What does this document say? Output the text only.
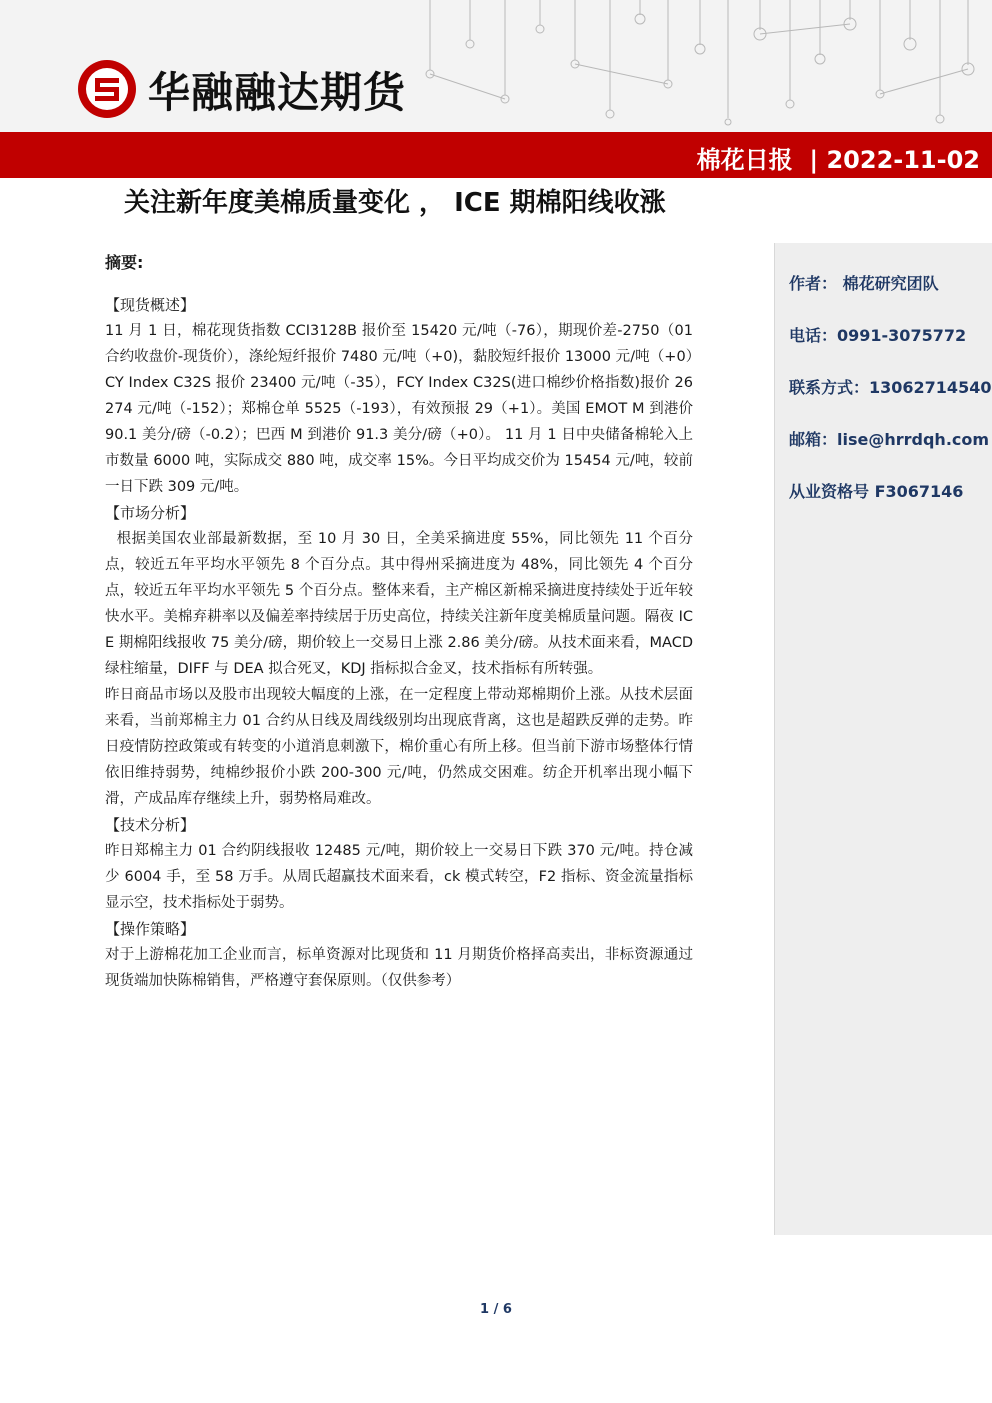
华融融达期货
棉花日报  | 2022-11-02
关注新年度美棉质量变化 ， ICE 期棉阳线收涨
作者： 棉花研究团队
电话：0991-3075772
联系方式：13062714540
邮箱：lise@hrrdqh.com
从业资格号 F3067146
摘要:

【现货概述】

11 月 1 日，棉花现货指数 CCI3128B 报价至 15420 元/吨（-76），期现价差-2750（01 合约收盘价-现货价），涤纶短纤报价 7480 元/吨（+0)，黏胶短纤报价 13000 元/吨（+0）CY Index C32S 报价 23400 元/吨（-35），FCY Index C32S(进口棉纱价格指数)报价 26274 元/吨（-152）；郑棉仓单 5525（-193），有效预报 29（+1）。美国 EMOT M 到港价 90.1 美分/磅（-0.2）；巴西 M 到港价 91.3 美分/磅（+0）。 11 月 1 日中央储备棉轮入上市数量 6000 吨，实际成交 880 吨，成交率 15%。今日平均成交价为 15454 元/吨，较前一日下跌 309 元/吨。

【市场分析】

根据美国农业部最新数据，至 10 月 30 日，全美采摘进度 55%，同比领先 11 个百分点，较近五年平均水平领先 8 个百分点。其中得州采摘进度为 48%，同比领先 4 个百分点，较近五年平均水平领先 5 个百分点。整体来看，主产棉区新棉采摘进度持续处于近年较快水平。美棉弃耕率以及偏差率持续居于历史高位，持续关注新年度美棉质量问题。隔夜 ICE 期棉阳线报收 75 美分/磅，期价较上一交易日上涨 2.86 美分/磅。从技术面来看，MACD 绿柱缩量，DIFF 与 DEA 拟合死叉，KDJ 指标拟合金叉，技术指标有所转强。

昨日商品市场以及股市出现较大幅度的上涨，在一定程度上带动郑棉期价上涨。从技术层面来看，当前郑棉主力 01 合约从日线及周线级别均出现底背离，这也是超跌反弹的走势。昨日疫情防控政策或有转变的小道消息刺激下，棉价重心有所上移。但当前下游市场整体行情依旧维持弱势，纯棉纱报价小跌 200-300 元/吨，仍然成交困难。纺企开机率出现小幅下滑，产成品库存继续上升，弱势格局难改。

【技术分析】

昨日郑棉主力 01 合约阴线报收 12485 元/吨，期价较上一交易日下跌 370 元/吨。持仓减少 6004 手，至 58 万手。从周氏超赢技术面来看，ck 模式转空，F2 指标、资金流量指标显示空，技术指标处于弱势。

【操作策略】

对于上游棉花加工企业而言，标单资源对比现货和 11 月期货价格择高卖出，非标资源通过现货端加快陈棉销售，严格遵守套保原则。（仅供参考）

1 / 6
